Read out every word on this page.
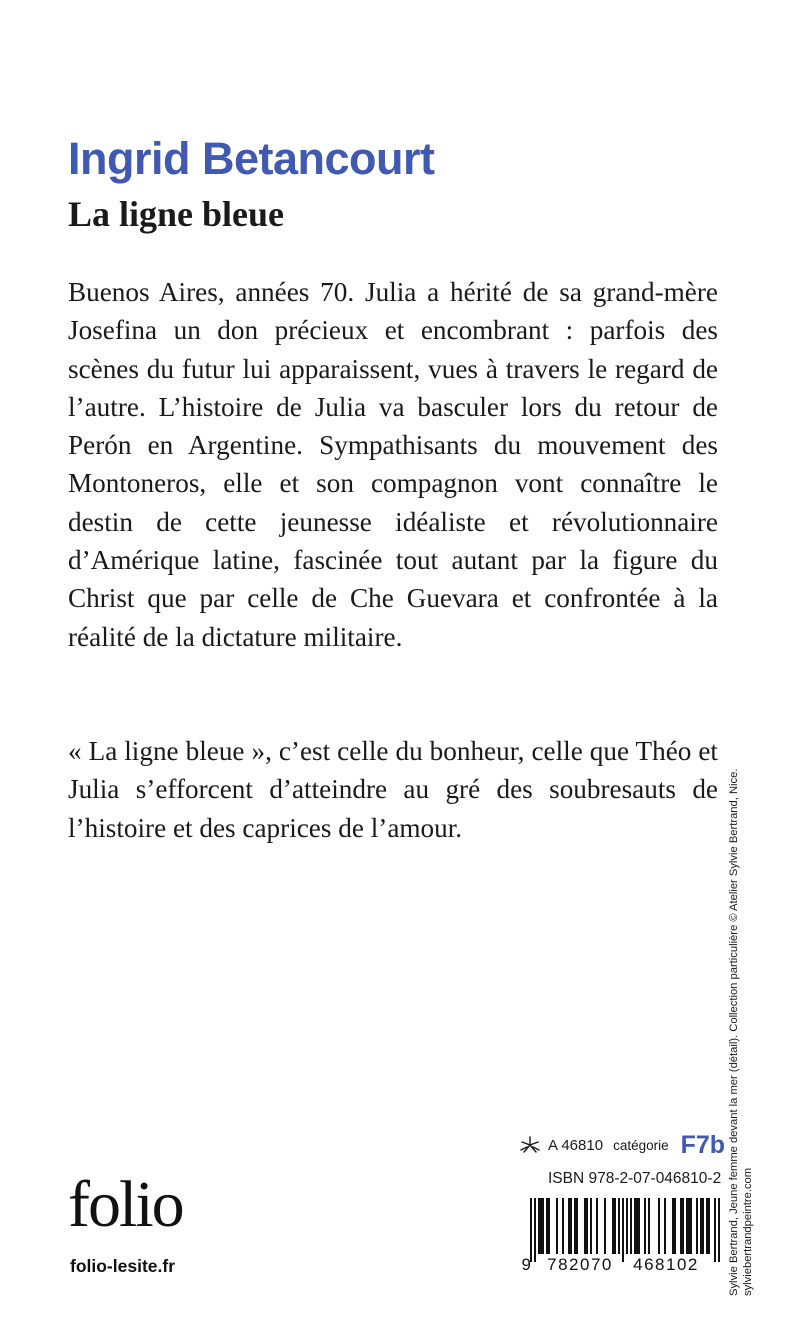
Ingrid Betancourt
La ligne bleue

Buenos Aires, années 70. Julia a hérité de sa grand-mère Josefina un don précieux et encombrant : parfois des scènes du futur lui apparaissent, vues à travers le regard de l’autre. L’histoire de Julia va basculer lors du retour de Perón en Argentine. Sympathisants du mouvement des Montoneros, elle et son compagnon vont connaître le destin de cette jeunesse idéaliste et révolutionnaire d’Amérique latine, fascinée tout autant par la figure du Christ que par celle de Che Guevara et confrontée à la réalité de la dictature militaire.

« La ligne bleue », c’est celle du bonheur, celle que Théo et Julia s’efforcent d’atteindre au gré des soubresauts de l’histoire et des caprices de l’amour.	Sylvie Bertrand, Jeune femme devant la mer (détail). Collection particulière © Atelier Sylvie Bertrand, Nice. sylviebertrandpeintre.com
folio
folio-lesite.fr
A 46810 catégorie F7b

ISBN 978-2-07-046810-2

9 782070	468102
